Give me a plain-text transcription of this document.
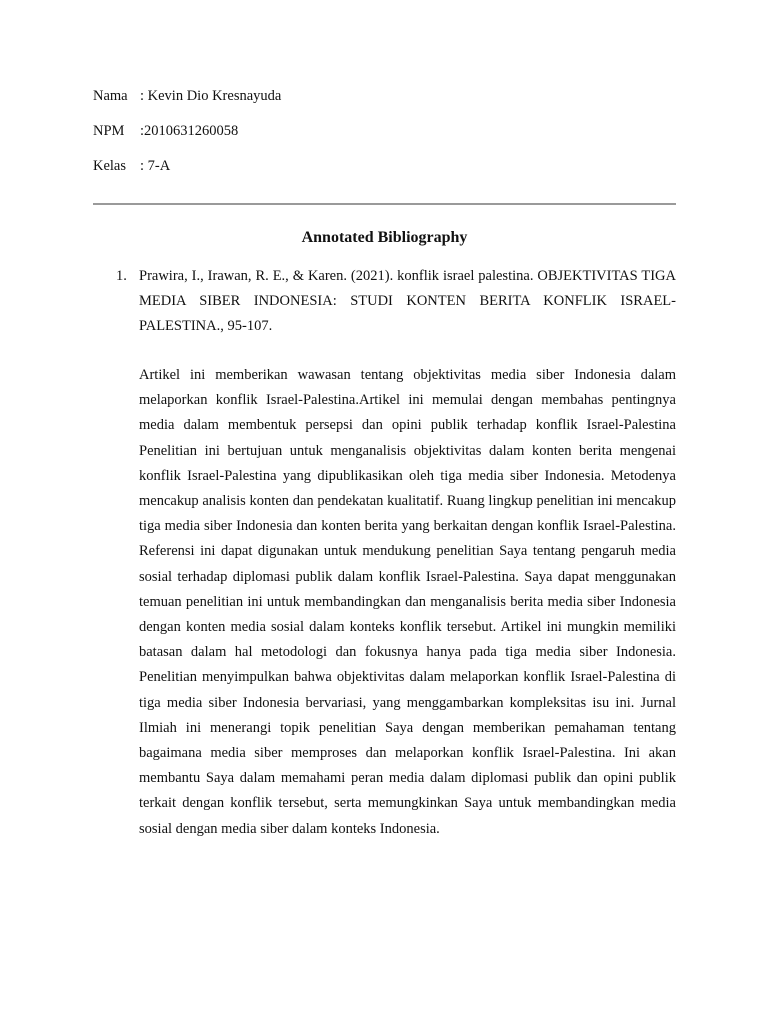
Nama : Kevin Dio Kresnayuda
NPM :2010631260058
Kelas : 7-A
Annotated Bibliography
1. Prawira, I., Irawan, R. E., & Karen. (2021). konflik israel palestina. OBJEKTIVITAS TIGA MEDIA SIBER INDONESIA: STUDI KONTEN BERITA KONFLIK ISRAEL-PALESTINA., 95-107.
Artikel ini memberikan wawasan tentang objektivitas media siber Indonesia dalam melaporkan konflik Israel-Palestina.Artikel ini memulai dengan membahas pentingnya media dalam membentuk persepsi dan opini publik terhadap konflik Israel-Palestina Penelitian ini bertujuan untuk menganalisis objektivitas dalam konten berita mengenai konflik Israel-Palestina yang dipublikasikan oleh tiga media siber Indonesia. Metodenya mencakup analisis konten dan pendekatan kualitatif. Ruang lingkup penelitian ini mencakup tiga media siber Indonesia dan konten berita yang berkaitan dengan konflik Israel-Palestina. Referensi ini dapat digunakan untuk mendukung penelitian Saya tentang pengaruh media sosial terhadap diplomasi publik dalam konflik Israel-Palestina. Saya dapat menggunakan temuan penelitian ini untuk membandingkan dan menganalisis berita media siber Indonesia dengan konten media sosial dalam konteks konflik tersebut. Artikel ini mungkin memiliki batasan dalam hal metodologi dan fokusnya hanya pada tiga media siber Indonesia. Penelitian menyimpulkan bahwa objektivitas dalam melaporkan konflik Israel-Palestina di tiga media siber Indonesia bervariasi, yang menggambarkan kompleksitas isu ini. Jurnal Ilmiah ini menerangi topik penelitian Saya dengan memberikan pemahaman tentang bagaimana media siber memproses dan melaporkan konflik Israel-Palestina. Ini akan membantu Saya dalam memahami peran media dalam diplomasi publik dan opini publik terkait dengan konflik tersebut, serta memungkinkan Saya untuk membandingkan media sosial dengan media siber dalam konteks Indonesia.
